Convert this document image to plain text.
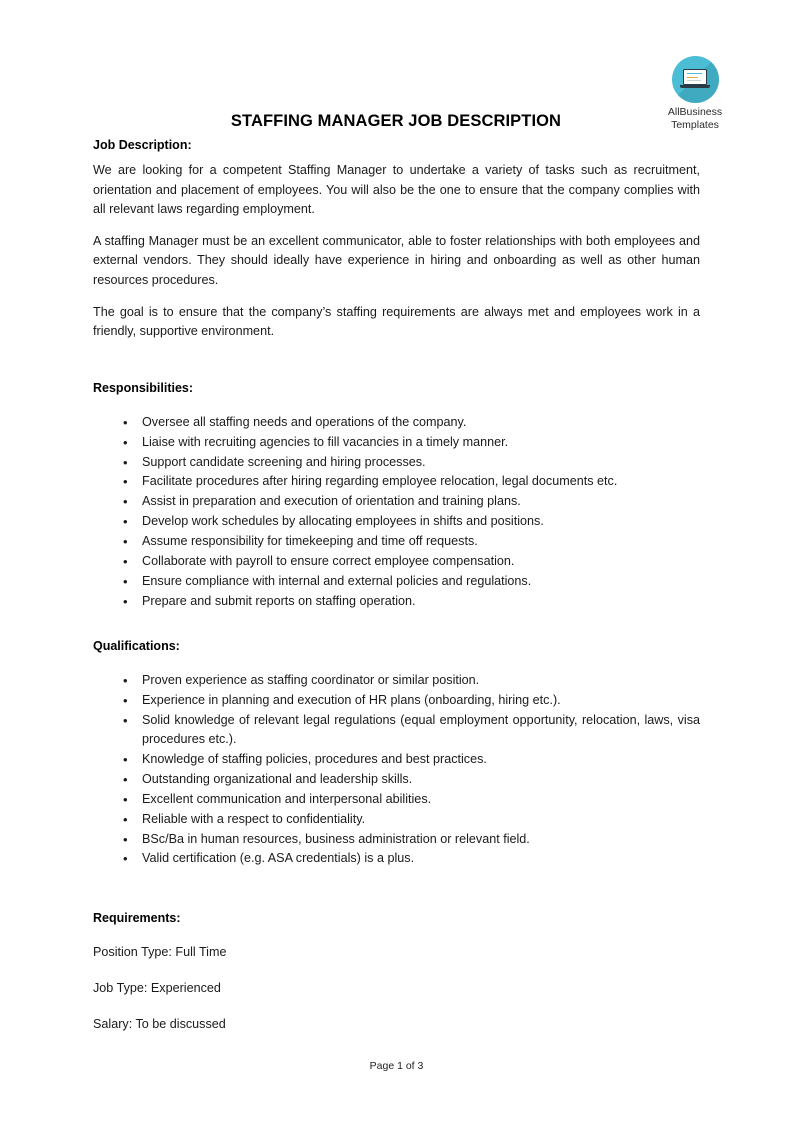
AllBusiness
Templates
STAFFING MANAGER JOB DESCRIPTION
Job Description:

We are looking for a competent Staffing Manager to undertake a variety of tasks such as recruitment, orientation and placement of employees. You will also be the one to ensure that the company complies with all relevant laws regarding employment.

A staffing Manager must be an excellent communicator, able to foster relationships with both employees and external vendors. They should ideally have experience in hiring and onboarding as well as other human resources procedures.

The goal is to ensure that the company’s staffing requirements are always met and employees work in a friendly, supportive environment.

Responsibilities:
• Oversee all staffing needs and operations of the company.
• Liaise with recruiting agencies to fill vacancies in a timely manner.
• Support candidate screening and hiring processes.
• Facilitate procedures after hiring regarding employee relocation, legal documents etc.
• Assist in preparation and execution of orientation and training plans.
• Develop work schedules by allocating employees in shifts and positions.
• Assume responsibility for timekeeping and time off requests.
• Collaborate with payroll to ensure correct employee compensation.
• Ensure compliance with internal and external policies and regulations.
• Prepare and submit reports on staffing operation.
Qualifications:
• Proven experience as staffing coordinator or similar position.
• Experience in planning and execution of HR plans (onboarding, hiring etc.).
• Solid knowledge of relevant legal regulations (equal employment opportunity, relocation, laws, visa procedures etc.).
• Knowledge of staffing policies, procedures and best practices.
• Outstanding organizational and leadership skills.
• Excellent communication and interpersonal abilities.
• Reliable with a respect to confidentiality.
• BSc/Ba in human resources, business administration or relevant field.
• Valid certification (e.g. ASA credentials) is a plus.
Requirements:

Position Type: Full Time

Job Type: Experienced

Salary: To be discussed

Page 1 of 3
